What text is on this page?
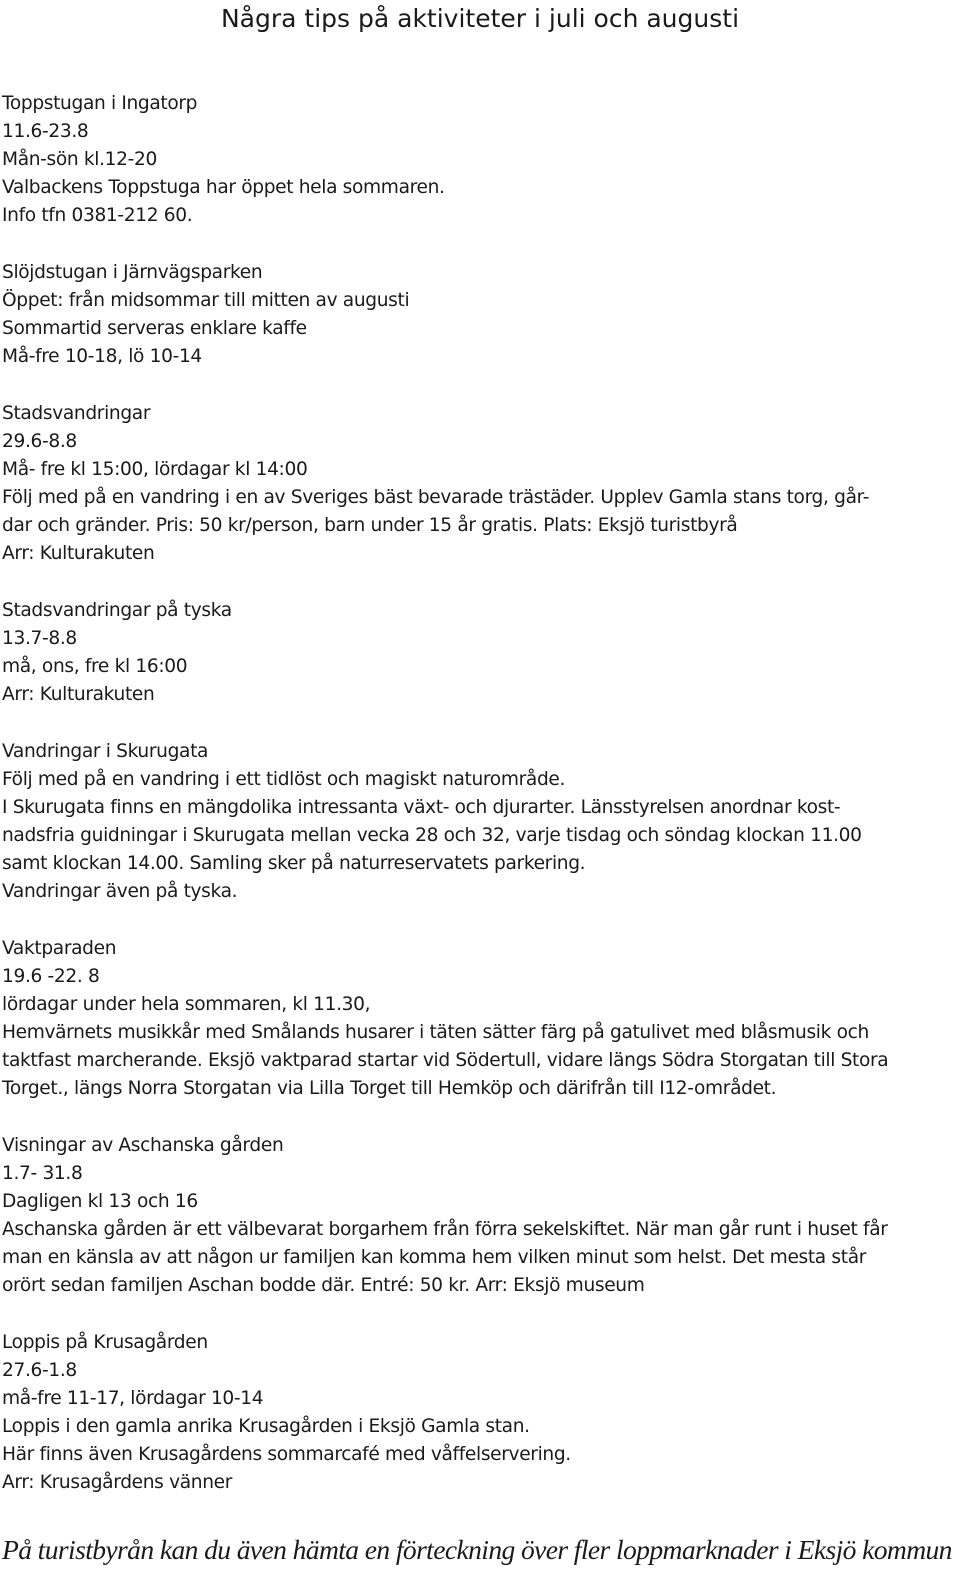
Några tips på aktiviteter i juli och augusti
Toppstugan i Ingatorp
11.6-23.8
Mån-sön kl.12-20
Valbackens Toppstuga har öppet hela sommaren.
Info tfn 0381-212 60.
Slöjdstugan i Järnvägsparken
Öppet: från midsommar till mitten av augusti
Sommartid serveras enklare kaffe
Må-fre 10-18, lö 10-14
Stadsvandringar
29.6-8.8
Må- fre kl 15:00, lördagar kl 14:00
Följ med på en vandring i en av Sveriges bäst bevarade trästäder. Upplev Gamla stans torg, går-
dar och gränder. Pris: 50 kr/person, barn under 15 år gratis. Plats: Eksjö turistbyrå
Arr: Kulturakuten
Stadsvandringar på tyska
13.7-8.8
må, ons, fre kl 16:00
Arr: Kulturakuten
Vandringar i Skurugata
Följ med på en vandring i ett tidlöst och magiskt naturområde.
I Skurugata finns en mängdolika intressanta växt- och djurarter. Länsstyrelsen anordnar kost-
nadsfria guidningar i Skurugata mellan vecka 28 och 32, varje tisdag och söndag klockan 11.00
samt klockan 14.00. Samling sker på naturreservatets parkering.
Vandringar även på tyska.
Vaktparaden
19.6 -22. 8
lördagar under hela sommaren, kl 11.30,
Hemvärnets musikkår med Smålands husarer i täten sätter färg på gatulivet med blåsmusik och
taktfast marcherande. Eksjö vaktparad startar vid Södertull, vidare längs Södra Storgatan till Stora
Torget., längs Norra Storgatan via Lilla Torget till Hemköp och därifrån till I12-området.
Visningar av Aschanska gården
1.7- 31.8
Dagligen kl 13 och 16
Aschanska gården är ett välbevarat borgarhem från förra sekelskiftet. När man går runt i huset får
man en känsla av att någon ur familjen kan komma hem vilken minut som helst. Det mesta står
orört sedan familjen Aschan bodde där. Entré: 50 kr. Arr: Eksjö museum
Loppis på Krusagården
27.6-1.8
må-fre 11-17, lördagar 10-14
Loppis i den gamla anrika Krusagården i Eksjö Gamla stan.
Här finns även Krusagårdens sommarcafé med våffelservering.
Arr: Krusagårdens vänner
På turistbyrån kan du även hämta en förteckning över fler loppmarknader i Eksjö kommun
